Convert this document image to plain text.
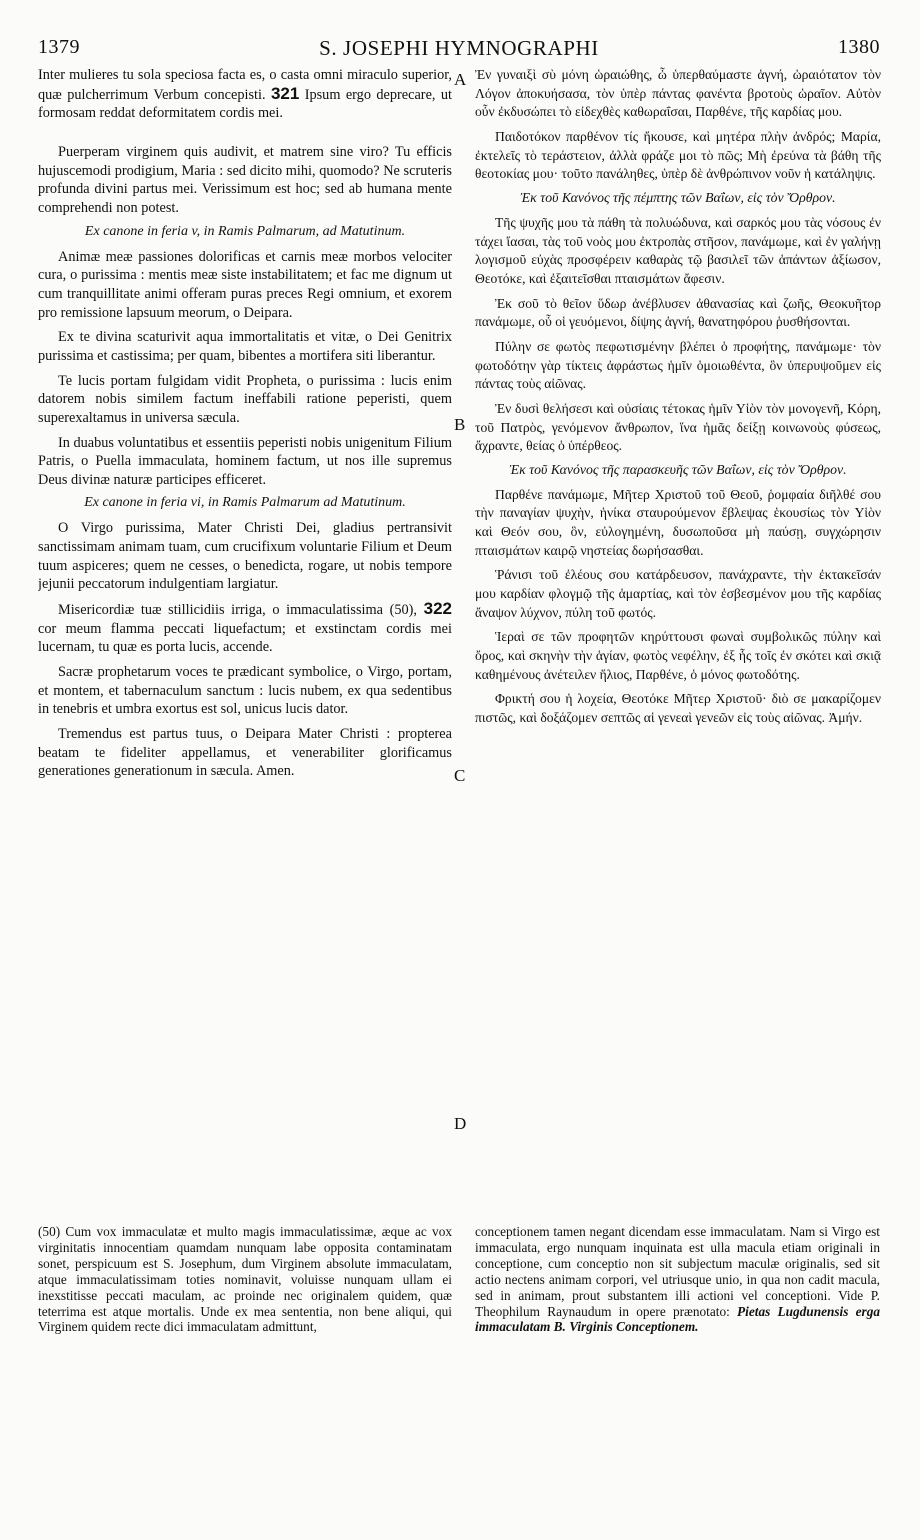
1379	S. JOSEPHI HYMNOGRAPHI	1380
A
B
C
D

Inter mulieres tu sola speciosa facta es, o casta omni miraculo superior, quæ pulcherrimum Verbum concepisti. 321 Ipsum ergo deprecare, ut formosam reddat deformitatem cordis mei.

Puerperam virginem quis audivit, et matrem sine viro? Tu efficis hujuscemodi prodigium, Maria : sed dicito mihi, quomodo? Ne scruteris profunda divini partus mei. Verissimum est hoc; sed ab humana mente comprehendi non potest.

Ex canone in feria v, in Ramis Palmarum, ad Matutinum.

Animæ meæ passiones dolorificas et carnis meæ morbos velociter cura, o purissima : mentis meæ siste instabilitatem; et fac me dignum ut cum tranquillitate animi offeram puras preces Regi omnium, et exorem pro remissione lapsuum meorum, o Deipara.

Ex te divina scaturivit aqua immortalitatis et vitæ, o Dei Genitrix purissima et castissima; per quam, bibentes a mortifera siti liberantur.

Te lucis portam fulgidam vidit Propheta, o purissima : lucis enim datorem nobis similem factum ineffabili ratione peperisti, quem superexaltamus in universa sæcula.

In duabus voluntatibus et essentiis peperisti nobis unigenitum Filium Patris, o Puella immaculata, hominem factum, ut nos ille supremus Deus divinæ naturæ participes efficeret.

Ex canone in feria vi, in Ramis Palmarum ad Matutinum.

O Virgo purissima, Mater Christi Dei, gladius pertransivit sanctissimam animam tuam, cum crucifixum voluntarie Filium et Deum tuum aspiceres; quem ne cesses, o benedicta, rogare, ut nobis tempore jejunii peccatorum indulgentiam largiatur.

Misericordiæ tuæ stillicidiis irriga, o immaculatissima (50), 322 cor meum flamma peccati liquefactum; et exstinctam cordis mei lucernam, tu quæ es porta lucis, accende.

Sacræ prophetarum voces te prædicant symbolice, o Virgo, portam, et montem, et tabernaculum sanctum : lucis nubem, ex qua sedentibus in tenebris et umbra exortus est sol, unicus lucis dator.

Tremendus est partus tuus, o Deipara Mater Christi : propterea beatam te fideliter appellamus, et venerabiliter glorificamus generationes generationum in sæcula. Amen.

Ἐν γυναιξὶ σὺ μόνη ὡραιώθης, ὦ ὑπερθαύμαστε ἁγνή, ὡραιότατον τὸν Λόγον ἀποκυήσασα, τὸν ὑπὲρ πάντας φανέντα βροτοὺς ὡραῖον. Αὐτὸν οὖν ἐκδυσώπει τὸ εἰδεχθὲς καθωραΐσαι, Παρθένε, τῆς καρδίας μου.

Παιδοτόκον παρθένον τίς ἤκουσε, καὶ μητέρα πλὴν ἀνδρός; Μαρία, ἐκτελεῖς τὸ τεράστειον, ἀλλὰ φράζε μοι τὸ πῶς; Μὴ ἐρεύνα τὰ βάθη τῆς θεοτοκίας μου· τοῦτο πανάληθες, ὑπὲρ δὲ ἀνθρώπινον νοῦν ἡ κατάληψις.

Ἐκ τοῦ Κανόνος τῆς πέμπτης τῶν Βαΐων, εἰς τὸν Ὄρθρον.

Τῆς ψυχῆς μου τὰ πάθη τὰ πολυώδυνα, καὶ σαρκός μου τὰς νόσους ἐν τάχει ἴασαι, τὰς τοῦ νοὸς μου ἐκτροπὰς στῆσον, πανάμωμε, καὶ ἐν γαλήνῃ λογισμοῦ εὐχὰς προσφέρειν καθαρὰς τῷ βασιλεῖ τῶν ἁπάντων ἀξίωσον, Θεοτόκε, καὶ ἐξαιτεῖσθαι πταισμάτων ἄφεσιν.

Ἐκ σοῦ τὸ θεῖον ὕδωρ ἀνέβλυσεν ἀθανασίας καὶ ζωῆς, Θεοκυῆτορ πανάμωμε, οὗ οἱ γευόμενοι, δίψης ἁγνή, θανατηφόρου ῥυσθήσονται.

Πύλην σε φωτὸς πεφωτισμένην βλέπει ὁ προφήτης, πανάμωμε· τὸν φωτοδότην γὰρ τίκτεις ἀφράστως ἡμῖν ὁμοιωθέντα, ὃν ὑπερυψοῦμεν εἰς πάντας τοὺς αἰῶνας.

Ἐν δυσὶ θελήσεσι καὶ οὐσίαις τέτοκας ἡμῖν Υἱὸν τὸν μονογενῆ, Κόρη, τοῦ Πατρὸς, γενόμενον ἄνθρωπον, ἵνα ἡμᾶς δείξῃ κοινωνοὺς φύσεως, ἄχραντε, θείας ὁ ὑπέρθεος.

Ἐκ τοῦ Κανόνος τῆς παρασκευῆς τῶν Βαΐων, εἰς τὸν Ὄρθρον.

Παρθένε πανάμωμε, Μῆτερ Χριστοῦ τοῦ Θεοῦ, ῥομφαία διῆλθέ σου τὴν παναγίαν ψυχὴν, ἡνίκα σταυρούμενον ἔβλεψας ἑκουσίως τὸν Υἱὸν καὶ Θεόν σου, ὃν, εὐλογημένη, δυσωποῦσα μὴ παύσῃ, συγχώρησιν πταισμάτων καιρῷ νηστείας δωρήσασθαι.

Ῥάνισι τοῦ ἐλέους σου κατάρδευσον, πανάχραντε, τὴν ἐκτακεῖσάν μου καρδίαν φλογμῷ τῆς ἁμαρτίας, καὶ τὸν ἐσβεσμένον μου τῆς καρδίας ἄναψον λύχνον, πύλη τοῦ φωτός.

Ἱεραὶ σε τῶν προφητῶν κηρύττουσι φωναὶ συμβολικῶς πύλην καὶ ὄρος, καὶ σκηνὴν τὴν ἁγίαν, φωτὸς νεφέλην, ἐξ ἧς τοῖς ἐν σκότει καὶ σκιᾷ καθημένους ἀνέτειλεν ἥλιος, Παρθένε, ὁ μόνος φωτοδότης.

Φρικτή σου ἡ λοχεία, Θεοτόκε Μῆτερ Χριστοῦ· διὸ σε μακαρίζομεν πιστῶς, καὶ δοξάζομεν σεπτῶς αἱ γενεαὶ γενεῶν εἰς τοὺς αἰῶνας. Ἀμήν.

(50) Cum vox immaculatæ et multo magis immaculatissimæ, æque ac vox virginitatis innocentiam quamdam nunquam labe opposita contaminatam sonet, perspicuum est S. Josephum, dum Virginem absolute immaculatam, atque immaculatissimam toties nominavit, voluisse nunquam ullam ei inexstitisse peccati maculam, ac proinde nec originalem quidem, quæ teterrima est atque mortalis. Unde ex mea sententia, non bene aliqui, qui Virginem quidem recte dici immaculatam admittunt,
conceptionem tamen negant dicendam esse immaculatam. Nam si Virgo est immaculata, ergo nunquam inquinata est ulla macula etiam originali in conceptione, cum conceptio non sit subjectum maculæ originalis, sed sit actio nectens animam corpori, vel utriusque unio, in qua non cadit macula, sed in animam, prout substantem illi actioni vel conceptioni. Vide P. Theophilum Raynaudum in opere prænotato: Pietas Lugdunensis erga immaculatam B. Virginis Conceptionem.
